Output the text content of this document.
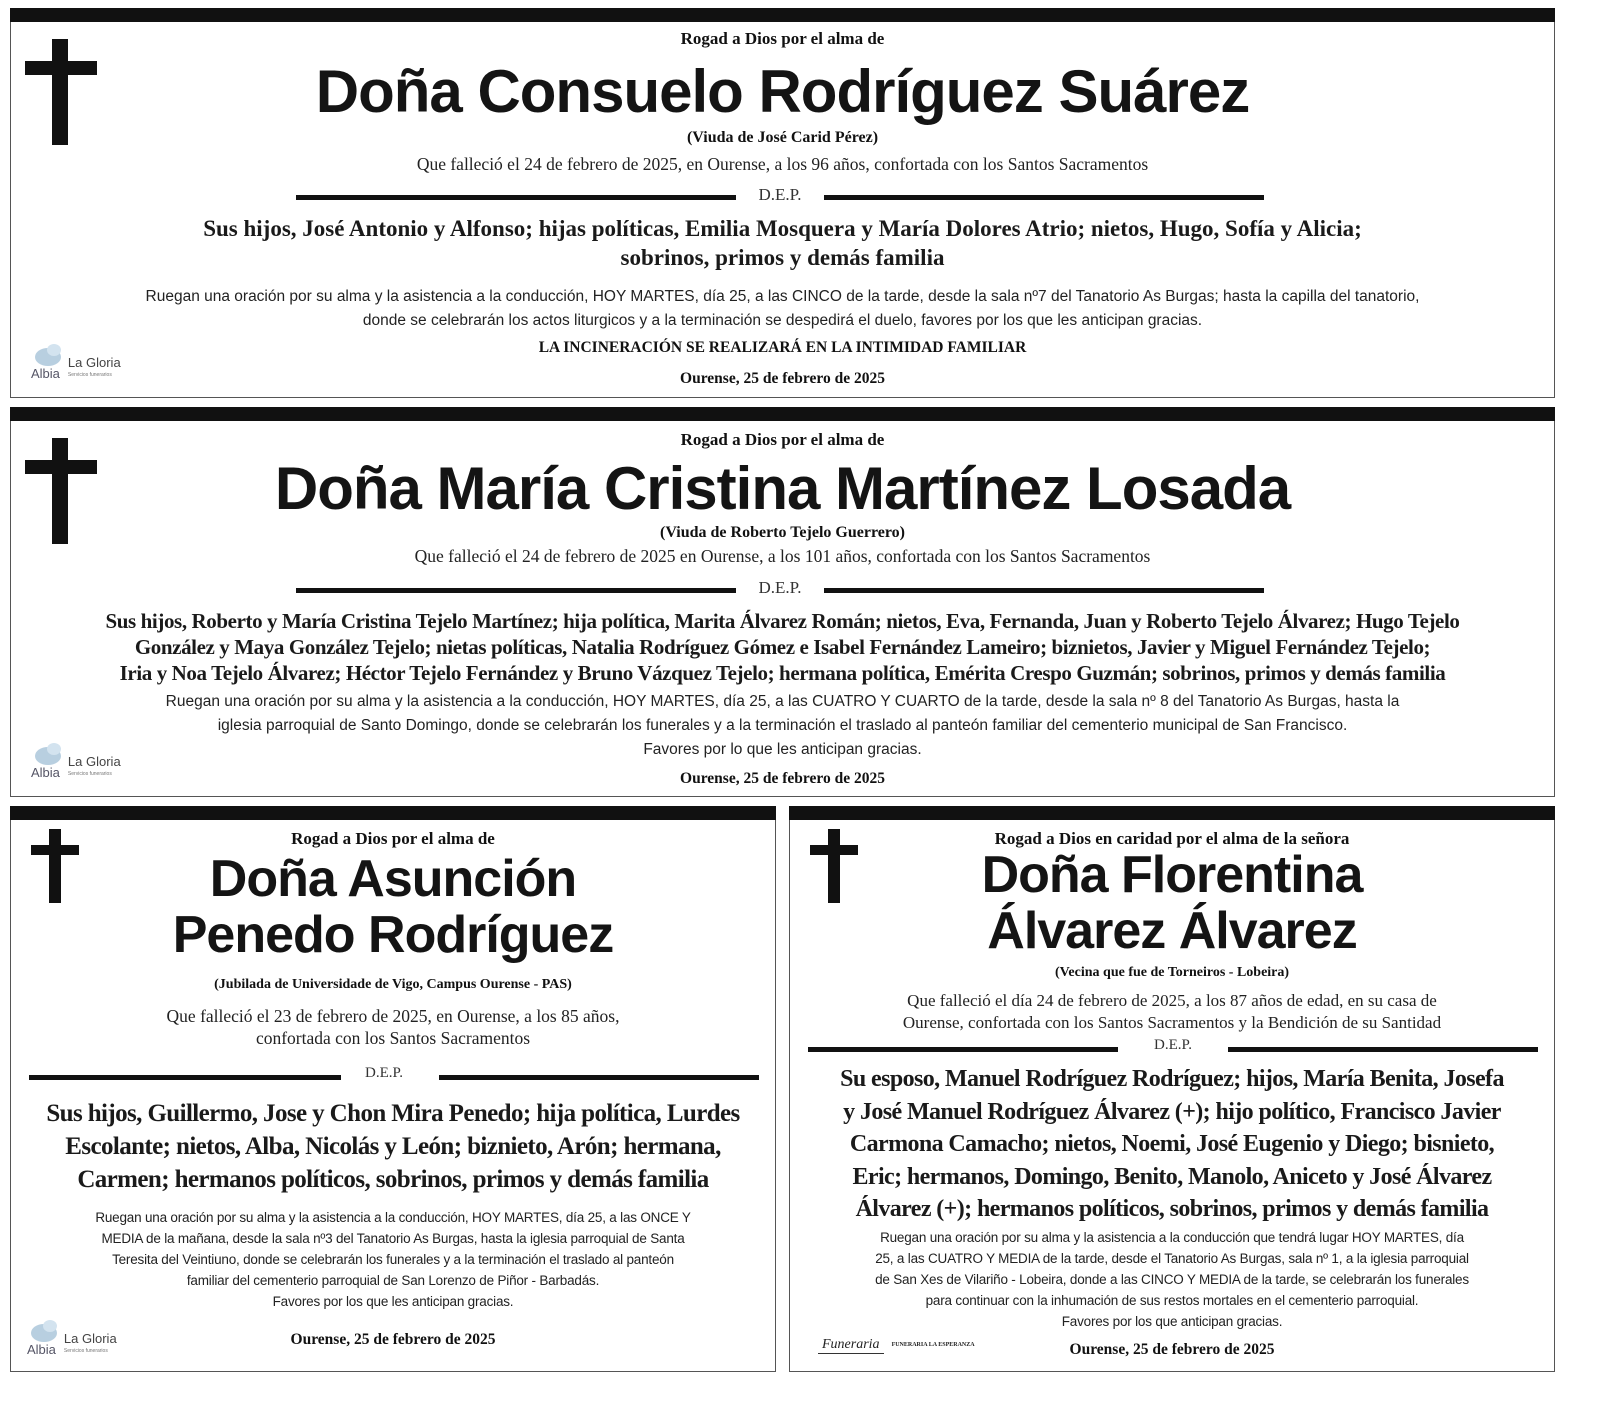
Rogad a Dios por el alma de
Doña Consuelo Rodríguez Suárez
(Viuda de José Carid Pérez)
Que falleció el 24 de febrero de 2025, en Ourense, a los 96 años, confortada con los Santos Sacramentos
D.E.P.
Sus hijos, José Antonio y Alfonso; hijas políticas, Emilia Mosquera y María Dolores Atrio; nietos, Hugo, Sofía y Alicia;
sobrinos, primos y demás familia
Ruegan una oración por su alma y la asistencia a la conducción, HOY MARTES, día 25, a las CINCO de la tarde, desde la sala nº7 del Tanatorio As Burgas; hasta la capilla del tanatorio,
donde se celebrarán los actos liturgicos y a la terminación se despedirá el duelo, favores por los que les anticipan gracias.
LA INCINERACIÓN SE REALIZARÁ EN LA INTIMIDAD FAMILIAR
Ourense, 25 de febrero de 2025
Albia
La Gloria
Servicios funerarios
Rogad a Dios por el alma de
Doña María Cristina Martínez Losada
(Viuda de Roberto Tejelo Guerrero)
Que falleció el 24 de febrero de 2025 en Ourense, a los 101 años, confortada con los Santos Sacramentos
D.E.P.
Sus hijos, Roberto y María Cristina Tejelo Martínez; hija política, Marita Álvarez Román; nietos, Eva, Fernanda, Juan y Roberto Tejelo Álvarez; Hugo Tejelo
González y Maya González Tejelo; nietas políticas, Natalia Rodríguez Gómez e Isabel Fernández Lameiro; biznietos, Javier y Miguel Fernández Tejelo;
Iria y Noa Tejelo Álvarez; Héctor Tejelo Fernández y Bruno Vázquez Tejelo; hermana política, Emérita Crespo Guzmán; sobrinos, primos y demás familia
Ruegan una oración por su alma y la asistencia a la conducción, HOY MARTES, día 25, a las CUATRO Y CUARTO de la tarde, desde la sala nº 8 del Tanatorio As Burgas, hasta la
iglesia parroquial de Santo Domingo, donde se celebrarán los funerales y a la terminación el traslado al panteón familiar del cementerio municipal de San Francisco.
Favores por lo que les anticipan gracias.
Ourense, 25 de febrero de 2025
Albia
La Gloria
Servicios funerarios
Rogad a Dios por el alma de
Doña Asunción
Penedo Rodríguez
(Jubilada de Universidade de Vigo, Campus Ourense - PAS)
Que falleció el 23 de febrero de 2025, en Ourense, a los 85 años,
confortada con los Santos Sacramentos
D.E.P.
Sus hijos, Guillermo, Jose y Chon Mira Penedo; hija política, Lurdes
Escolante; nietos, Alba, Nicolás y León; biznieto, Arón; hermana,
Carmen; hermanos políticos, sobrinos, primos y demás familia
Ruegan una oración por su alma y la asistencia a la conducción, HOY MARTES, día 25, a las ONCE Y
MEDIA de la mañana, desde la sala nº3 del Tanatorio As Burgas, hasta la iglesia parroquial de Santa
Teresita del Veintiuno, donde se celebrarán los funerales y a la terminación el traslado al panteón
familiar del cementerio parroquial de San Lorenzo de Piñor - Barbadás.
Favores por los que les anticipan gracias.
Ourense, 25 de febrero de 2025
Albia
La Gloria
Servicios funerarios
Rogad a Dios en caridad por el alma de la señora
Doña Florentina
Álvarez Álvarez
(Vecina que fue de Torneiros - Lobeira)
Que falleció el día 24 de febrero de 2025, a los 87 años de edad, en su casa de
Ourense, confortada con los Santos Sacramentos y la Bendición de su Santidad
D.E.P.
Su esposo, Manuel Rodríguez Rodríguez; hijos, María Benita, Josefa
y José Manuel Rodríguez Álvarez (+); hijo político, Francisco Javier
Carmona Camacho; nietos, Noemi, José Eugenio y Diego; bisnieto,
Eric; hermanos, Domingo, Benito, Manolo, Aniceto y José Álvarez
Álvarez (+); hermanos políticos, sobrinos, primos y demás familia
Ruegan una oración por su alma y la asistencia a la conducción que tendrá lugar HOY MARTES, día
25, a las CUATRO Y MEDIA de la tarde, desde el Tanatorio As Burgas, sala nº 1, a la iglesia parroquial
de San Xes de Vilariño - Lobeira, donde a las CINCO Y MEDIA de la tarde, se celebrarán los funerales
para continuar con la inhumación de sus restos mortales en el cementerio parroquial.
Favores por los que anticipan gracias.
Ourense, 25 de febrero de 2025
Funeraria FUNERARIA LA ESPERANZA
